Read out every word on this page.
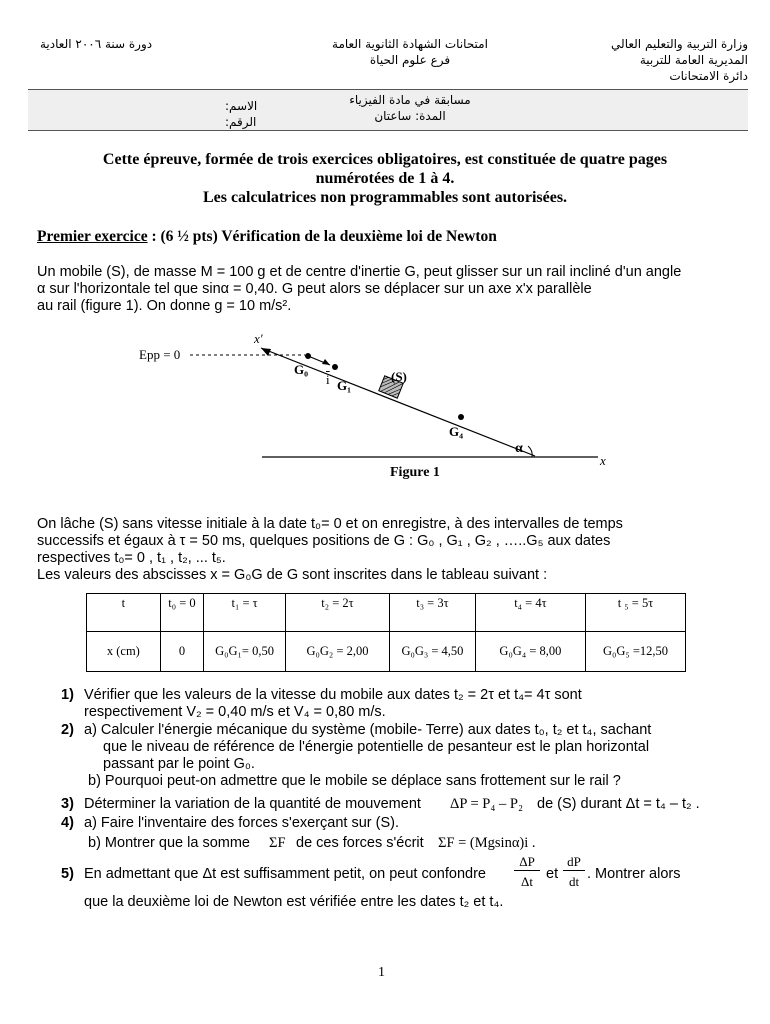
وزارة التربية والتعليم العالي
المديرية العامة للتربية
دائرة الامتحانات
امتحانات الشهادة الثانوية العامة
فرع علوم الحياة
دورة سنة ٢٠٠٦ العادية
مسابقة في مادة الفيزياء
المدة: ساعتان
الاسم:
الرقم:
Cette épreuve, formée de trois exercices obligatoires, est constituée de quatre pages
numérotées de 1 à 4.
Les calculatrices non programmables sont autorisées.
Premier exercice : (6 ½ pts) Vérification de la deuxième loi de Newton
Un mobile (S), de masse M = 100 g et de centre d'inertie G, peut glisser sur un rail incliné d'un angle
α sur l'horizontale tel que sinα = 0,40. G peut alors se déplacer sur un axe x'x parallèle
au rail (figure 1). On donne g = 10 m/s².
Epp = 0
x'
G₀
$\overline{i}$ G₁
(S)
G₄
α
x
Figure 1
On lâche (S) sans vitesse initiale à la date t₀= 0 et on enregistre, à des intervalles de temps
successifs et égaux à τ = 50 ms, quelques positions de G : G₀ , G₁ , G₂ , …..G₅ aux dates
respectives t₀= 0 , t₁ , t₂, ... t₅.
Les valeurs des abscisses x = G₀G de G sont inscrites dans le tableau suivant :
t	t₀ = 0	t₁ = τ	t₂ = 2τ	t₃ = 3τ	t₄ = 4τ	t ₅ = 5τ
x (cm)	0	G₀G₁= 0,50	G₀G₂ = 2,00	G₀G₃ = 4,50	G₀G₄ = 8,00	G₀G₅ =12,50
1) Vérifier que les valeurs de la vitesse du mobile aux dates t₂ = 2τ et t₄= 4τ sont
respectivement V₂ = 0,40 m/s et V₄ = 0,80 m/s.
2) a) Calculer l'énergie mécanique du système (mobile- Terre) aux dates t₀, t₂ et t₄, sachant
que le niveau de référence de l'énergie potentielle de pesanteur est le plan horizontal
passant par le point G₀.
b) Pourquoi peut-on admettre que le mobile se déplace sans frottement sur le rail ?
3) Déterminer la variation de la quantité de mouvement ΔP = P₄ – P₂ de (S) durant Δt = t₄ – t₂ .
4) a) Faire l'inventaire des forces s'exerçant sur (S).
b) Montrer que la somme ΣF de ces forces s'écrit ΣF = (Mgsinα)i .
5) En admettant que Δt est suffisamment petit, on peut confondre
ΔP
Δt et
dP
dt . Montrer alors
que la deuxième loi de Newton est vérifiée entre les dates t₂ et t₄.
1
